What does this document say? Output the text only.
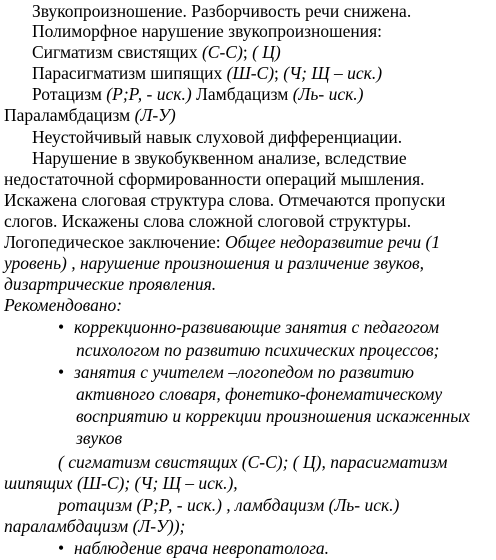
Звукопроизношение. Разборчивость речи снижена.
Полиморфное нарушение звукопроизношения:
Сигматизм свистящих (С-С); ( Ц)
Парасигматизм шипящих (Ш-С); (Ч; Щ – иск.)
Ротацизм (Р;Р, - иск.) Ламбдацизм (Ль- иск.)
Параламбдацизм (Л-У)
Неустойчивый навык слуховой дифференциации.
Нарушение в звукобуквенном анализе, вследствие
недостаточной сформированности операций мышления.
Искажена слоговая структура слова. Отмечаются пропуски
слогов. Искажены слова сложной слоговой структуры.
Логопедическое заключение: Общее недоразвитие речи (1
уровень) , нарушение произношения и различение звуков,
дизартрические проявления.
Рекомендовано:
• коррекционно-развивающие занятия с педагогом
психологом по развитию психических процессов;
• занятия с учителем –логопедом по развитию
активного словаря, фонетико-фонематическому
восприятию и коррекции произношения искаженных
звуков
( сигматизм свистящих (С-С); ( Ц), парасигматизм
шипящих (Ш-С); (Ч; Щ – иск.),
ротацизм (Р;Р, - иск.) , ламбдацизм (Ль- иск.)
параламбдацизм (Л-У));
• наблюдение врача невропатолога.
